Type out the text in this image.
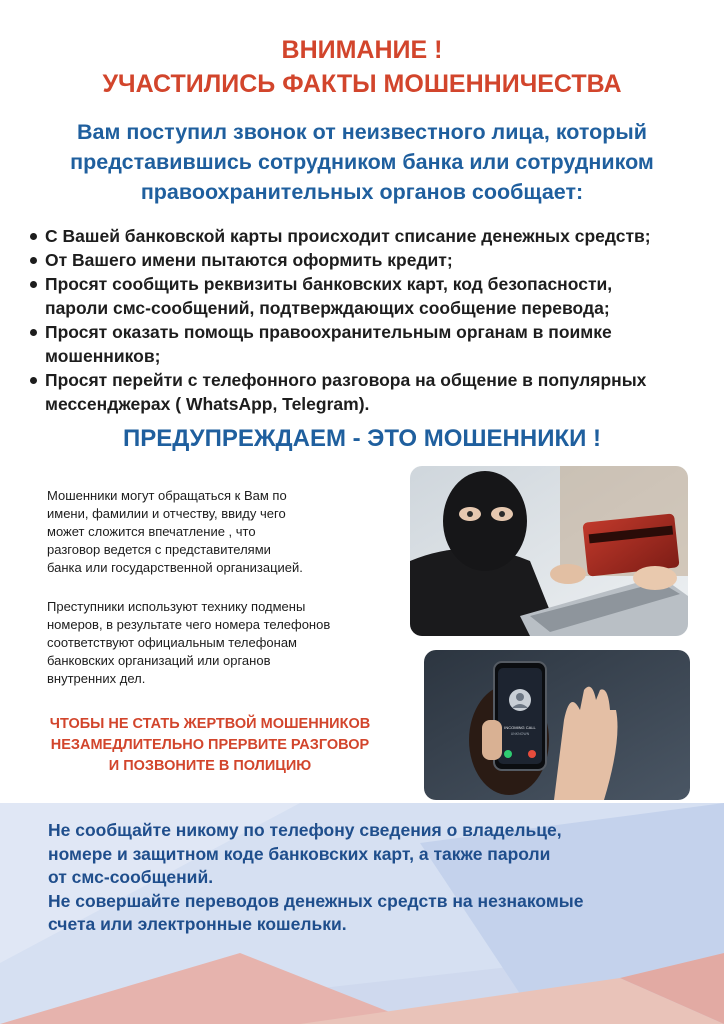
ВНИМАНИЕ !
УЧАСТИЛИСЬ ФАКТЫ МОШЕННИЧЕСТВА
Вам поступил звонок от неизвестного лица, который
представившись сотрудником банка или сотрудником
правоохранительных органов сообщает:
С Вашей банковской карты происходит списание денежных средств;
От Вашего имени пытаются оформить кредит;
Просят сообщить реквизиты банковских карт, код безопасности,
пароли смс-сообщений, подтверждающих сообщение перевода;
Просят оказать помощь правоохранительным органам в поимке
мошенников;
Просят перейти с телефонного разговора на общение в популярных
мессенджерах ( WhatsApp, Telegram).
ПРЕДУПРЕЖДАЕМ - ЭТО МОШЕННИКИ !
Мошенники могут обращаться к Вам по
имени, фамилии и отчеству, ввиду чего
может сложится впечатление , что
разговор ведется с представителями
банка или государственной организацией.
Преступники используют технику подмены
номеров, в результате чего номера телефонов
соответствуют официальным телефонам
банковских организаций или органов
внутренних дел.
ЧТОБЫ НЕ СТАТЬ ЖЕРТВОЙ МОШЕННИКОВ
НЕЗАМЕДЛИТЕЛЬНО ПРЕРВИТЕ РАЗГОВОР
И ПОЗВОНИТЕ В ПОЛИЦИЮ
INCOMING CALL
UNKNOWN
Не сообщайте никому по телефону сведения о владельце,
номере и защитном коде банковских карт, а также пароли
от смс-сообщений.
Не совершайте переводов денежных средств на незнакомые
счета или электронные кошельки.
